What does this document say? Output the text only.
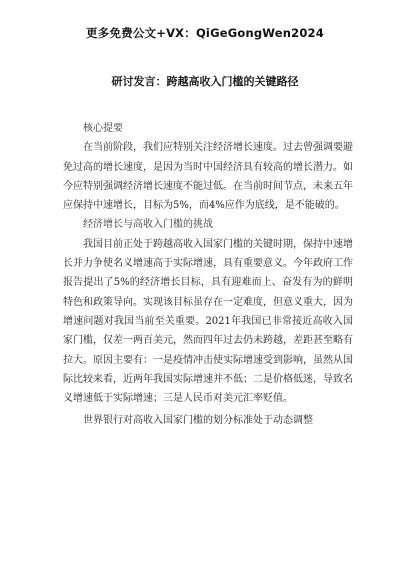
更多免费公文+VX：QiGeGongWen2024
研讨发言：跨越高收入门槛的关键路径

核心提要

在当前阶段，我们应特别关注经济增长速度。过去曾强调要避免过高的增长速度，是因为当时中国经济具有较高的增长潜力。如今应特别强调经济增长速度不能过低。在当前时间节点，未来五年应保持中速增长，目标为5%，而4%应作为底线，是不能破的。

经济增长与高收入门槛的挑战

我国目前正处于跨越高收入国家门槛的关键时期，保持中速增长并力争使名义增速高于实际增速，具有重要意义。今年政府工作报告提出了5%的经济增长目标，具有迎难而上、奋发有为的鲜明特色和政策导向。实现该目标虽存在一定难度，但意义重大，因为增速问题对我国当前至关重要。2021年我国已非常接近高收入国家门槛，仅差一两百美元，然而四年过去仍未跨越，差距甚至略有拉大。原因主要有：一是疫情冲击使实际增速受到影响，虽然从国际比较来看，近两年我国实际增速并不低；二是价格低迷，导致名义增速低于实际增速；三是人民币对美元汇率贬值。

世界银行对高收入国家门槛的划分标准处于动态调整
